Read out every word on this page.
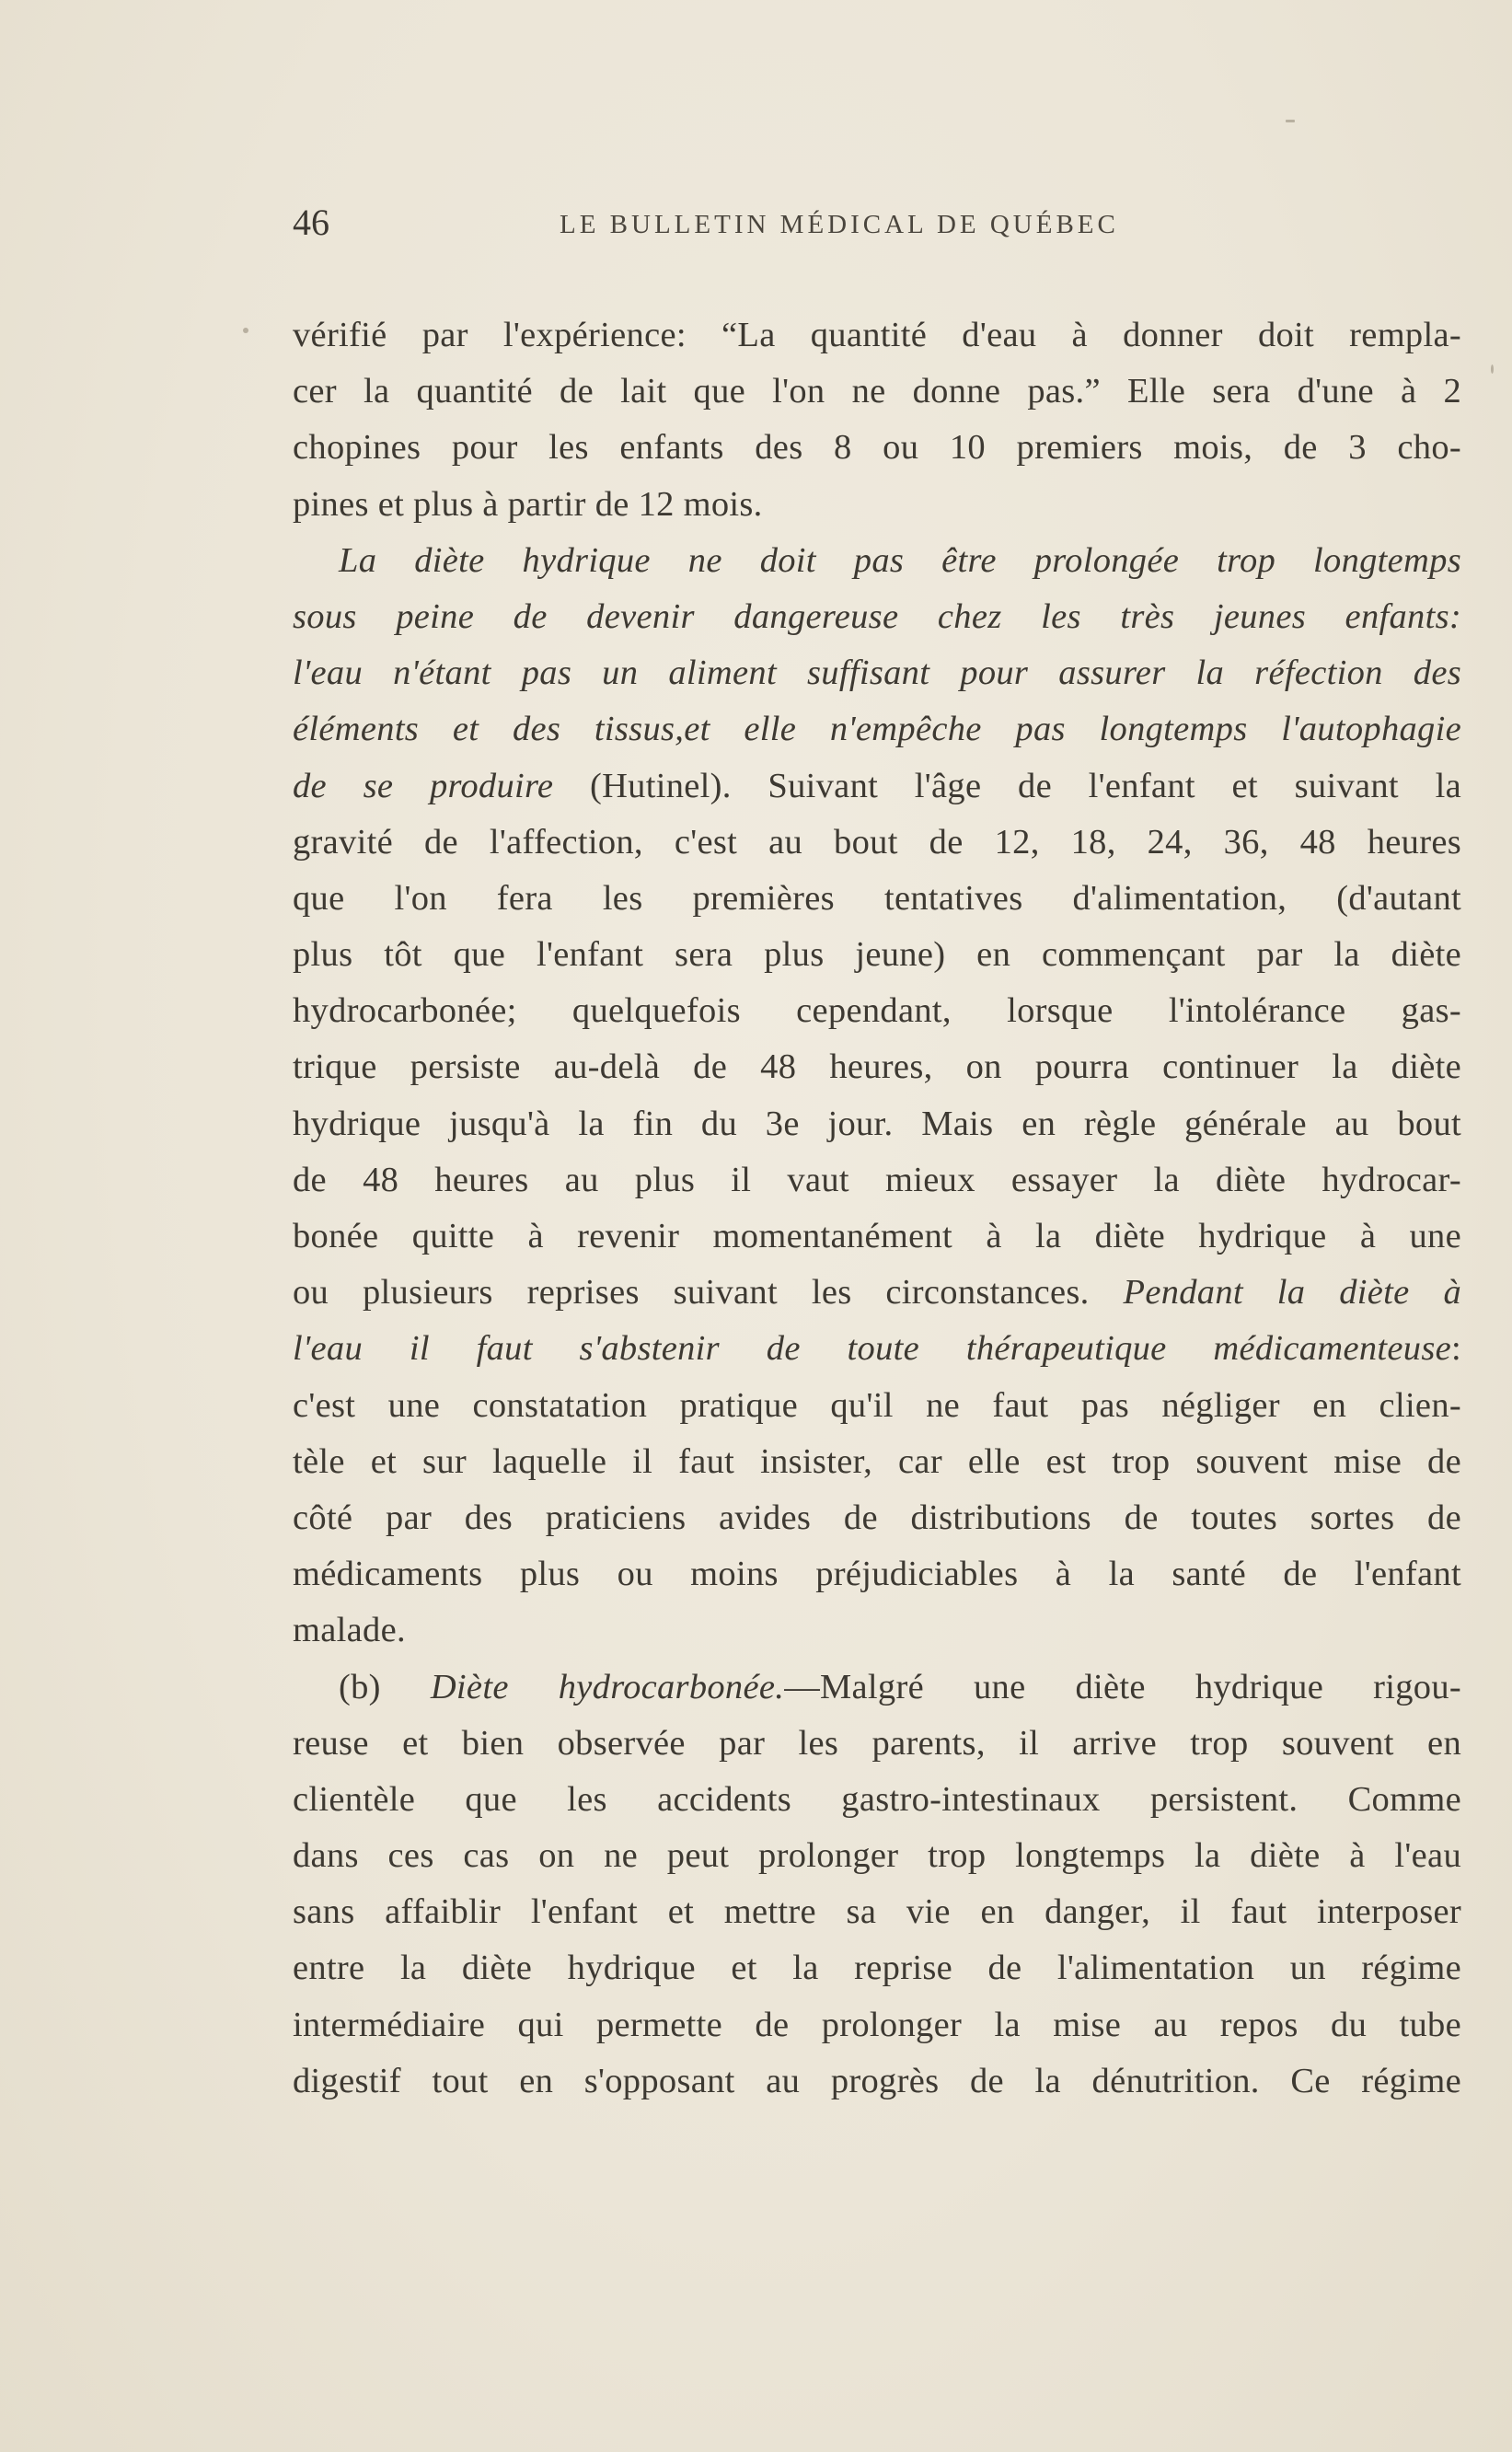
46	LE BULLETIN MÉDICAL DE QUÉBEC
vérifié par l'expérience: “La quantité d'eau à donner doit rempla-
cer la quantité de lait que l'on ne donne pas.” Elle sera d'une à 2
chopines pour les enfants des 8 ou 10 premiers mois, de 3 cho-
pines et plus à partir de 12 mois.
La diète hydrique ne doit pas être prolongée trop longtemps
sous peine de devenir dangereuse chez les très jeunes enfants:
l'eau n'étant pas un aliment suffisant pour assurer la réfection des
éléments et des tissus,et elle n'empêche pas longtemps l'autophagie
de se produire (Hutinel). Suivant l'âge de l'enfant et suivant la
gravité de l'affection, c'est au bout de 12, 18, 24, 36, 48 heures
que l'on fera les premières tentatives d'alimentation, (d'autant
plus tôt que l'enfant sera plus jeune) en commençant par la diète
hydrocarbonée; quelquefois cependant, lorsque l'intolérance gas-
trique persiste au-delà de 48 heures, on pourra continuer la diète
hydrique jusqu'à la fin du 3e jour. Mais en règle générale au bout
de 48 heures au plus il vaut mieux essayer la diète hydrocar-
bonée quitte à revenir momentanément à la diète hydrique à une
ou plusieurs reprises suivant les circonstances. Pendant la diète à
l'eau il faut s'abstenir de toute thérapeutique médicamenteuse:
c'est une constatation pratique qu'il ne faut pas négliger en clien-
tèle et sur laquelle il faut insister, car elle est trop souvent mise de
côté par des praticiens avides de distributions de toutes sortes de
médicaments plus ou moins préjudiciables à la santé de l'enfant
malade.
(b) Diète hydrocarbonée.—Malgré une diète hydrique rigou-
reuse et bien observée par les parents, il arrive trop souvent en
clientèle que les accidents gastro-intestinaux persistent. Comme
dans ces cas on ne peut prolonger trop longtemps la diète à l'eau
sans affaiblir l'enfant et mettre sa vie en danger, il faut interposer
entre la diète hydrique et la reprise de l'alimentation un régime
intermédiaire qui permette de prolonger la mise au repos du tube
digestif tout en s'opposant au progrès de la dénutrition. Ce régime
